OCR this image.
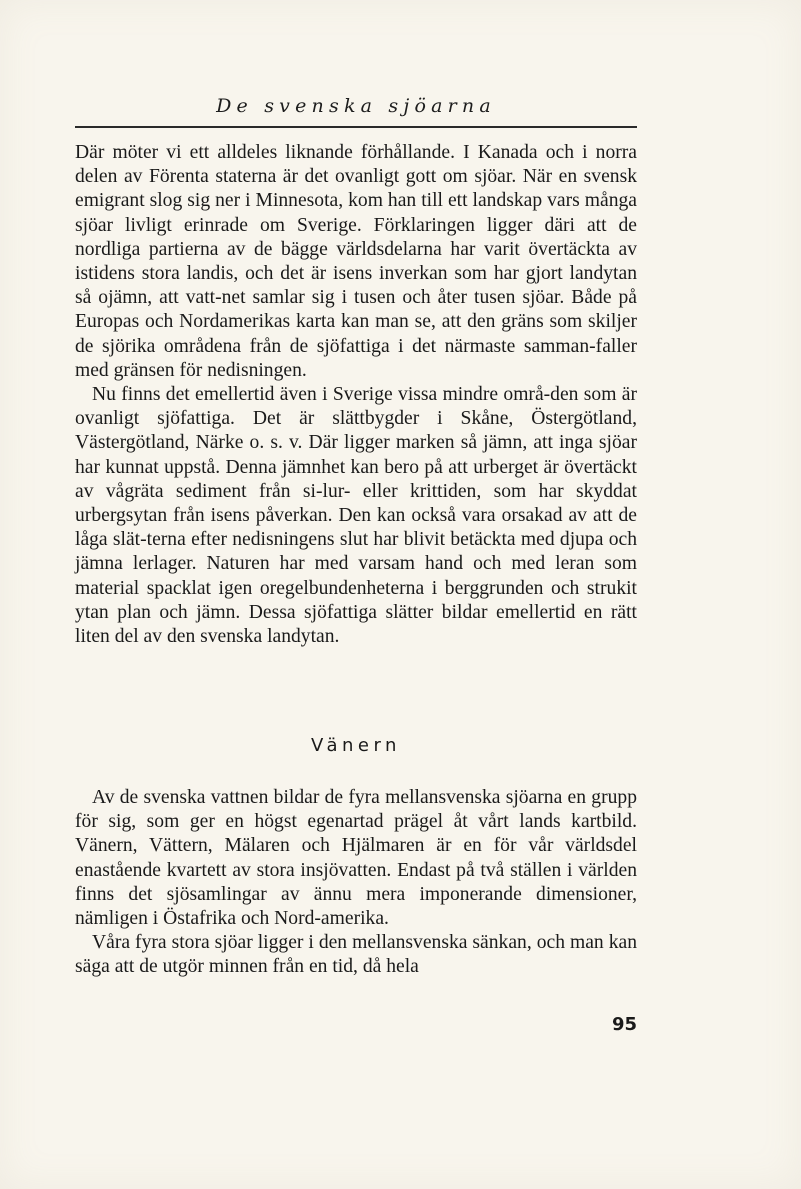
De svenska sjöarna

Där möter vi ett alldeles liknande förhållande. I Kanada och i norra delen av Förenta staterna är det ovanligt gott om sjöar. När en svensk emigrant slog sig ner i Minnesota, kom han till ett landskap vars många sjöar livligt erinrade om Sverige. Förklaringen ligger däri att de nordliga partierna av de bägge världsdelarna har varit övertäckta av istidens stora landis, och det är isens inverkan som har gjort landytan så ojämn, att vatt-net samlar sig i tusen och åter tusen sjöar. Både på Europas och Nordamerikas karta kan man se, att den gräns som skiljer de sjörika områdena från de sjöfattiga i det närmaste samman-faller med gränsen för nedisningen.

Nu finns det emellertid även i Sverige vissa mindre områ-den som är ovanligt sjöfattiga. Det är slättbygder i Skåne, Östergötland, Västergötland, Närke o. s. v. Där ligger marken så jämn, att inga sjöar har kunnat uppstå. Denna jämnhet kan bero på att urberget är övertäckt av vågräta sediment från si-lur- eller krittiden, som har skyddat urbergsytan från isens påverkan. Den kan också vara orsakad av att de låga slät-terna efter nedisningens slut har blivit betäckta med djupa och jämna lerlager. Naturen har med varsam hand och med leran som material spacklat igen oregelbundenheterna i berggrunden och strukit ytan plan och jämn. Dessa sjöfattiga slätter bildar emellertid en rätt liten del av den svenska landytan.

Vänern

Av de svenska vattnen bildar de fyra mellansvenska sjöarna en grupp för sig, som ger en högst egenartad prägel åt vårt lands kartbild. Vänern, Vättern, Mälaren och Hjälmaren är en för vår världsdel enastående kvartett av stora insjövatten. Endast på två ställen i världen finns det sjösamlingar av ännu mera imponerande dimensioner, nämligen i Östafrika och Nord-amerika.

Våra fyra stora sjöar ligger i den mellansvenska sänkan, och man kan säga att de utgör minnen från en tid, då hela

95
